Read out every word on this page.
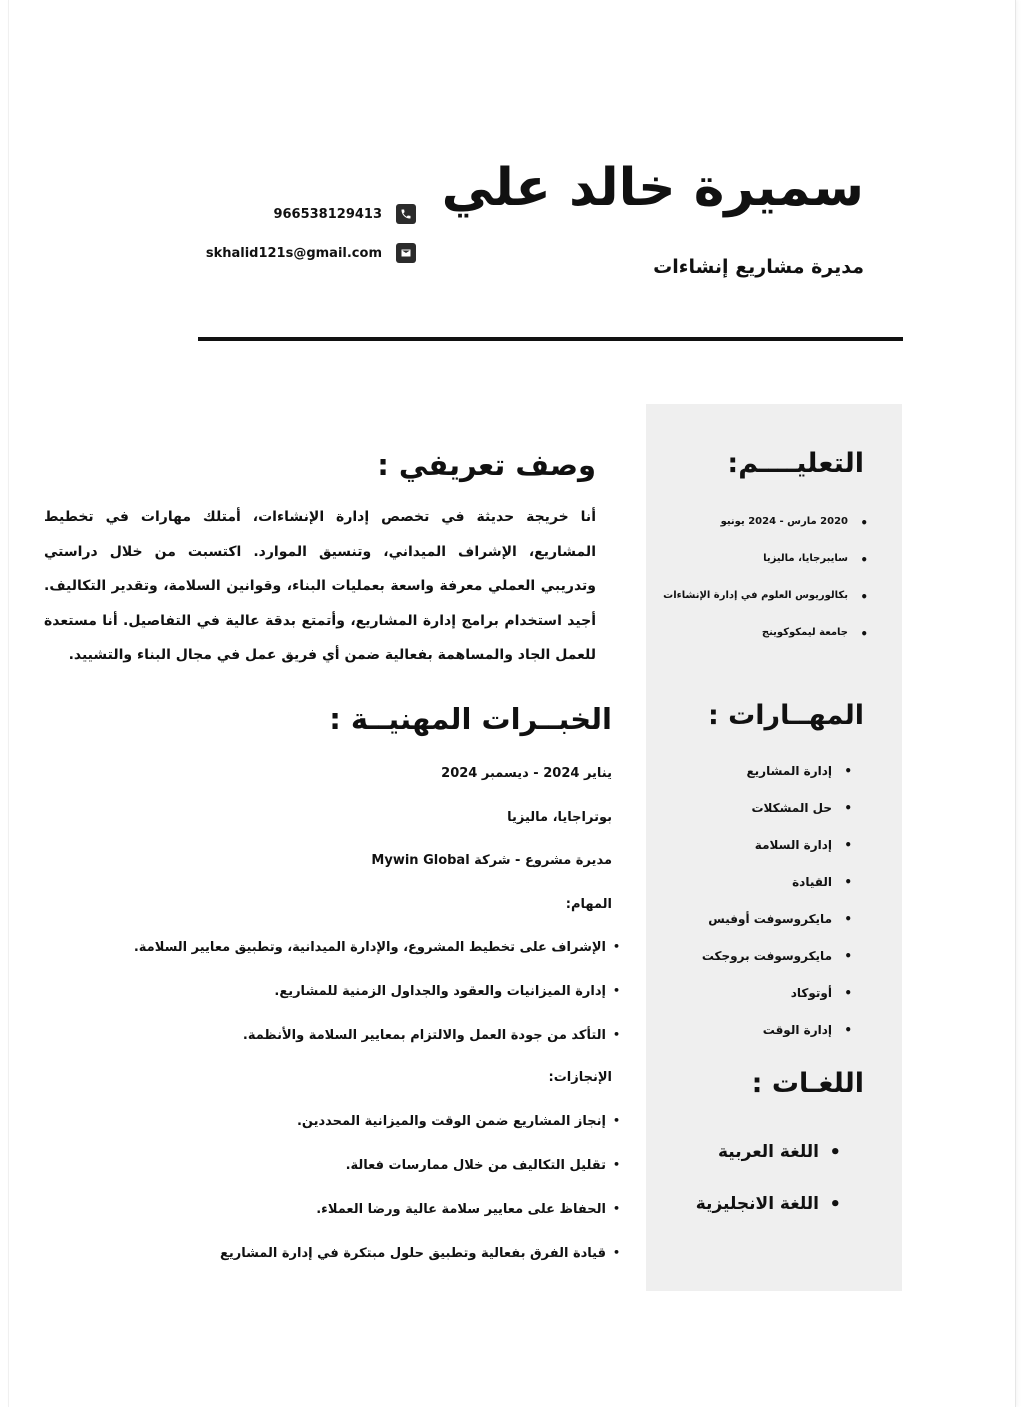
سميرة خالد علي
مديرة مشاريع إنشاءات
966538129413
skhalid121s@gmail.com
التعليــــم:
• 2020 مارس - 2024 يونيو
• سايبرجايا، ماليزيا
• بكالوريوس العلوم في إدارة الإنشاءات
• جامعة ليمكوكوينج
المهــارات :
• إدارة المشاريع
• حل المشكلات
• إدارة السلامة
• القيادة
• مايكروسوفت أوفيس
• مايكروسوفت بروجكت
• أوتوكاد
• إدارة الوقت
اللغـات :
• اللغة العربية
• اللغة الانجليزية
وصف تعريفي :

أنا خريجة حديثة في تخصص إدارة الإنشاءات، أمتلك مهارات في تخطيط المشاريع، الإشراف الميداني، وتنسيق الموارد. اكتسبت من خلال دراستي وتدريبي العملي معرفة واسعة بعمليات البناء، وقوانين السلامة، وتقدير التكاليف. أجيد استخدام برامج إدارة المشاريع، وأتمتع بدقة عالية في التفاصيل. أنا مستعدة للعمل الجاد والمساهمة بفعالية ضمن أي فريق عمل في مجال البناء والتشييد.

الخبــرات المهنيــة :
يناير 2024 - ديسمبر 2024
بوتراجايا، ماليزيا
مديرة مشروع - شركة Mywin Global
المهام:
• الإشراف على تخطيط المشروع، والإدارة الميدانية، وتطبيق معايير السلامة.
• إدارة الميزانيات والعقود والجداول الزمنية للمشاريع.
• التأكد من جودة العمل والالتزام بمعايير السلامة والأنظمة.
الإنجازات:
• إنجاز المشاريع ضمن الوقت والميزانية المحددين.
• تقليل التكاليف من خلال ممارسات فعالة.
• الحفاظ على معايير سلامة عالية ورضا العملاء.
• قيادة الفرق بفعالية وتطبيق حلول مبتكرة في إدارة المشاريع
